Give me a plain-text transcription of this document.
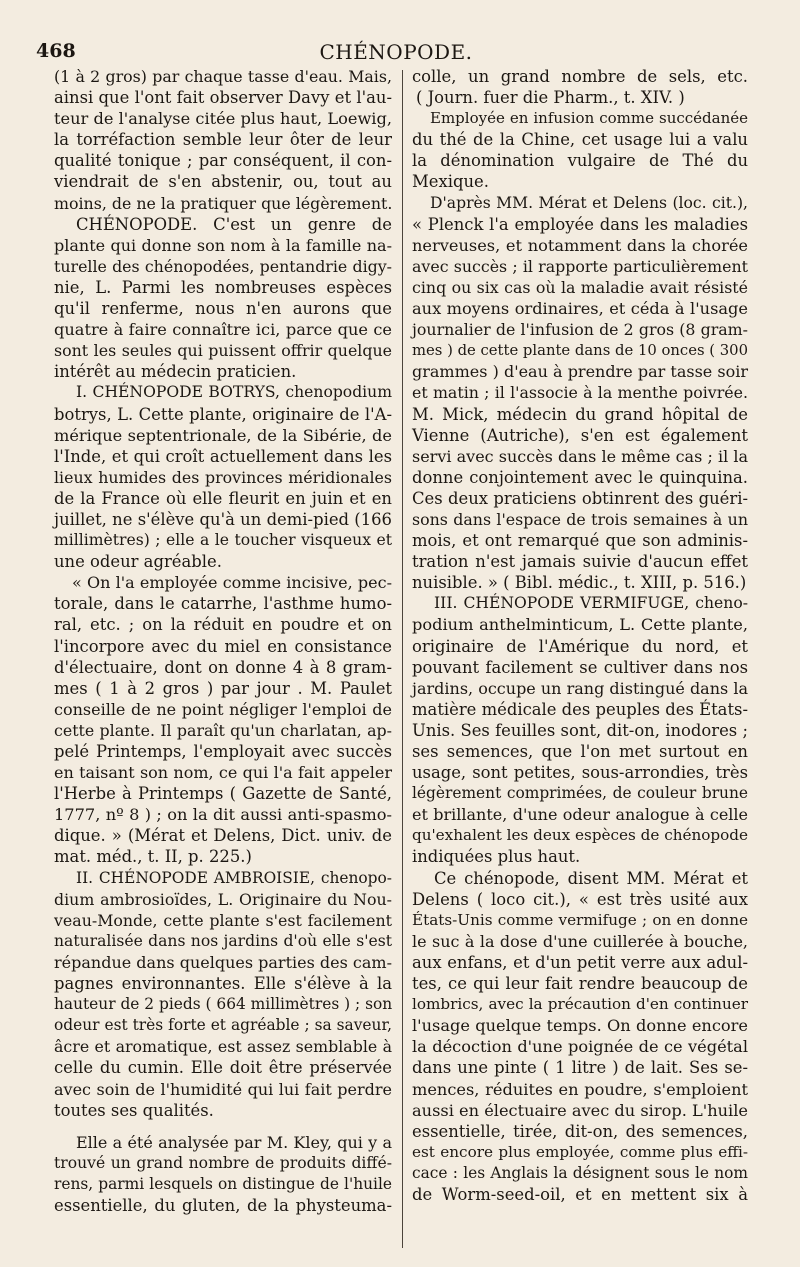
468	CHÉNOPODE.
(1 à 2 gros) par chaque tasse d'eau. Mais,
ainsi que l'ont fait observer Davy et l'au-
teur de l'analyse citée plus haut, Loewig,
la torréfaction semble leur ôter de leur
qualité tonique ; par conséquent, il con-
viendrait de s'en abstenir, ou, tout au
moins, de ne la pratiquer que légèrement.
CHÉNOPODE. C'est un genre de
plante qui donne son nom à la famille na-
turelle des chénopodées, pentandrie digy-
nie, L. Parmi les nombreuses espèces
qu'il renferme, nous n'en aurons que
quatre à faire connaître ici, parce que ce
sont les seules qui puissent offrir quelque
intérêt au médecin praticien.
I. CHÉNOPODE BOTRYS, chenopodium
botrys, L. Cette plante, originaire de l'A-
mérique septentrionale, de la Sibérie, de
l'Inde, et qui croît actuellement dans les
lieux humides des provinces méridionales
de la France où elle fleurit en juin et en
juillet, ne s'élève qu'à un demi-pied (166
millimètres) ; elle a le toucher visqueux et
une odeur agréable.
« On l'a employée comme incisive, pec-
torale, dans le catarrhe, l'asthme humo-
ral, etc. ; on la réduit en poudre et on
l'incorpore avec du miel en consistance
d'électuaire, dont on donne 4 à 8 gram-
mes ( 1 à 2 gros ) par jour . M. Paulet
conseille de ne point négliger l'emploi de
cette plante. Il paraît qu'un charlatan, ap-
pelé Printemps, l'employait avec succès
en taisant son nom, ce qui l'a fait appeler
l'Herbe à Printemps ( Gazette de Santé,
1777, nº 8 ) ; on la dit aussi anti-spasmo-
dique. » (Mérat et Delens, Dict. univ. de
mat. méd., t. II, p. 225.)
II. CHÉNOPODE AMBROISIE, chenopo-
dium ambrosioïdes, L. Originaire du Nou-
veau-Monde, cette plante s'est facilement
naturalisée dans nos jardins d'où elle s'est
répandue dans quelques parties des cam-
pagnes environnantes. Elle s'élève à la
hauteur de 2 pieds ( 664 millimètres ) ; son
odeur est très forte et agréable ; sa saveur,
âcre et aromatique, est assez semblable à
celle du cumin. Elle doit être préservée
avec soin de l'humidité qui lui fait perdre
toutes ses qualités.
Elle a été analysée par M. Kley, qui y a
trouvé un grand nombre de produits diffé-
rens, parmi lesquels on distingue de l'huile
essentielle, du gluten, de la physteuma-
colle, un grand nombre de sels, etc.
( Journ. fuer die Pharm., t. XIV. )
Employée en infusion comme succédanée
du thé de la Chine, cet usage lui a valu
la dénomination vulgaire de Thé du
Mexique.
D'après MM. Mérat et Delens (loc. cit.),
« Plenck l'a employée dans les maladies
nerveuses, et notamment dans la chorée
avec succès ; il rapporte particulièrement
cinq ou six cas où la maladie avait résisté
aux moyens ordinaires, et céda à l'usage
journalier de l'infusion de 2 gros (8 gram-
mes ) de cette plante dans de 10 onces ( 300
grammes ) d'eau à prendre par tasse soir
et matin ; il l'associe à la menthe poivrée.
M. Mick, médecin du grand hôpital de
Vienne (Autriche), s'en est également
servi avec succès dans le même cas ; il la
donne conjointement avec le quinquina.
Ces deux praticiens obtinrent des guéri-
sons dans l'espace de trois semaines à un
mois, et ont remarqué que son adminis-
tration n'est jamais suivie d'aucun effet
nuisible. » ( Bibl. médic., t. XIII, p. 516.)
III. CHÉNOPODE VERMIFUGE, cheno-
podium anthelminticum, L. Cette plante,
originaire de l'Amérique du nord, et
pouvant facilement se cultiver dans nos
jardins, occupe un rang distingué dans la
matière médicale des peuples des États-
Unis. Ses feuilles sont, dit-on, inodores ;
ses semences, que l'on met surtout en
usage, sont petites, sous-arrondies, très
légèrement comprimées, de couleur brune
et brillante, d'une odeur analogue à celle
qu'exhalent les deux espèces de chénopode
indiquées plus haut.
Ce chénopode, disent MM. Mérat et
Delens ( loco cit.), « est très usité aux
États-Unis comme vermifuge ; on en donne
le suc à la dose d'une cuillerée à bouche,
aux enfans, et d'un petit verre aux adul-
tes, ce qui leur fait rendre beaucoup de
lombrics, avec la précaution d'en continuer
l'usage quelque temps. On donne encore
la décoction d'une poignée de ce végétal
dans une pinte ( 1 litre ) de lait. Ses se-
mences, réduites en poudre, s'emploient
aussi en électuaire avec du sirop. L'huile
essentielle, tirée, dit-on, des semences,
est encore plus employée, comme plus effi-
cace : les Anglais la désignent sous le nom
de Worm-seed-oil, et en mettent six à
